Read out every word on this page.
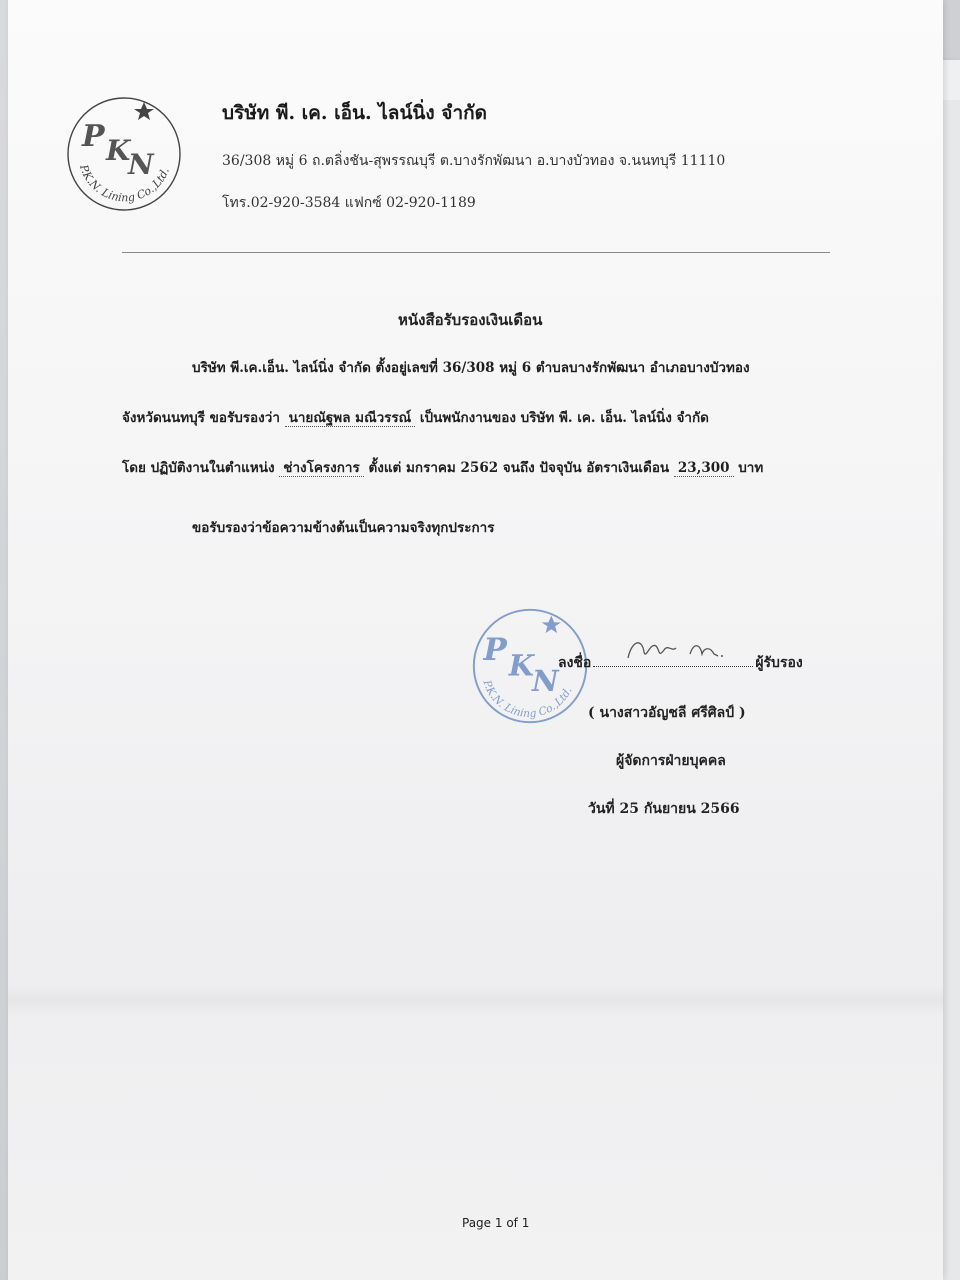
P K
N
P.K.N. Lining Co.,Ltd.
บริษัท พี. เค. เอ็น. ไลน์นิ่ง จำกัด
36/308 หมู่ 6 ถ.ตลิ่งชัน-สุพรรณบุรี ต.บางรักพัฒนา อ.บางบัวทอง จ.นนทบุรี 11110
โทร.02-920-3584 แฟกซ์ 02-920-1189
หนังสือรับรองเงินเดือน
บริษัท พี.เค.เอ็น. ไลน์นิ่ง จำกัด ตั้งอยู่เลขที่ 36/308 หมู่ 6 ตำบลบางรักพัฒนา อำเภอบางบัวทอง
จังหวัดนนทบุรี ขอรับรองว่า นายณัฐพล มณีวรรณ์ เป็นพนักงานของ บริษัท พี. เค. เอ็น. ไลน์นิ่ง จำกัด
โดย ปฏิบัติงานในตำแหน่ง ช่างโครงการ ตั้งแต่ มกราคม 2562 จนถึง ปัจจุบัน อัตราเงินเดือน 23,300 บาท
ขอรับรองว่าข้อความข้างต้นเป็นความจริงทุกประการ
P K
N
P.K.N. Lining Co.,Ltd.
ลงชื่อ	ผู้รับรอง
( นางสาวอัญชลี ศรีศิลป์ )
ผู้จัดการฝ่ายบุคคล
วันที่ 25 กันยายน 2566
Page 1 of 1
